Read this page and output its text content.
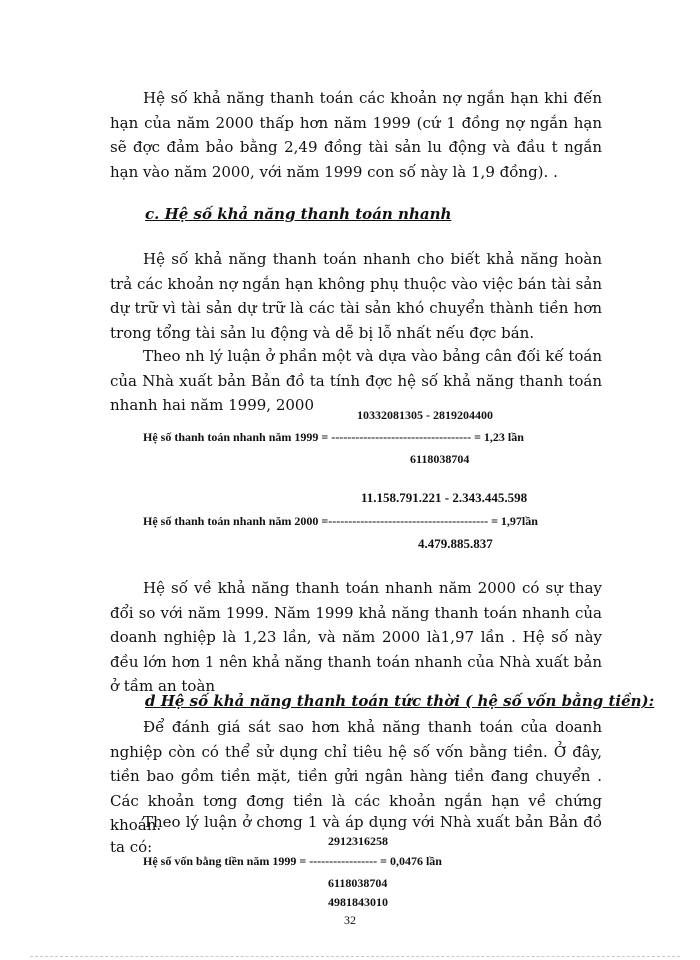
Hệ số khả năng thanh toán các khoản nợ ngắn hạn khi đến hạn của năm 2000 thấp hơn năm 1999 (cứ 1 đồng nợ ngắn hạn sẽ đợc đảm bảo bằng 2,49 đồng tài sản lu động và đầu t ngắn hạn vào năm 2000, với năm 1999 con số này là 1,9 đồng). .

c. Hệ số khả năng thanh toán nhanh

Hệ số khả năng thanh toán nhanh cho biết khả năng hoàn trả các khoản nợ ngắn hạn không phụ thuộc vào việc bán tài sản dự trữ vì tài sản dự trữ là các tài sản khó chuyển thành tiền hơn trong tổng tài sản lu động và dễ bị lỗ nhất nếu đợc bán.

Theo nh lý luận ở phần một và dựa vào bảng cân đối kế toán của Nhà xuất bản Bản đồ ta tính đợc hệ số khả năng thanh toán nhanh hai năm 1999, 2000

10332081305 - 2819204400

Hệ số thanh toán nhanh năm 1999 = ----------------------------------- = 1,23 lần

6118038704

11.158.791.221 - 2.343.445.598

Hệ số thanh toán nhanh năm 2000 =---------------------------------------- = 1,97lần

4.479.885.837

Hệ số về khả năng thanh toán nhanh năm 2000 có sự thay đổi so với năm 1999. Năm 1999 khả năng thanh toán nhanh của doanh nghiệp là 1,23 lần, và năm 2000 là1,97 lần . Hệ số này đều lớn hơn 1 nên khả năng thanh toán nhanh của Nhà xuất bản ở tầm an toàn

d Hệ số khả năng thanh toán tức thời ( hệ số vốn bằng tiền):

Để đánh giá sát sao hơn khả năng thanh toán của doanh nghiệp còn có thể sử dụng chỉ tiêu hệ số vốn bằng tiền. Ở đây, tiền bao gồm tiền mặt, tiền gửi ngân hàng tiền đang chuyển . Các khoản tơng đơng tiền là các khoản ngắn hạn về chứng khoán.

Theo lý luận ở chơng 1 và áp dụng với Nhà xuất bản Bản đồ ta có:	2912316258

Hệ số vốn bằng tiền năm 1999 = ----------------- = 0,0476 lần

6118038704

4981843010

32
